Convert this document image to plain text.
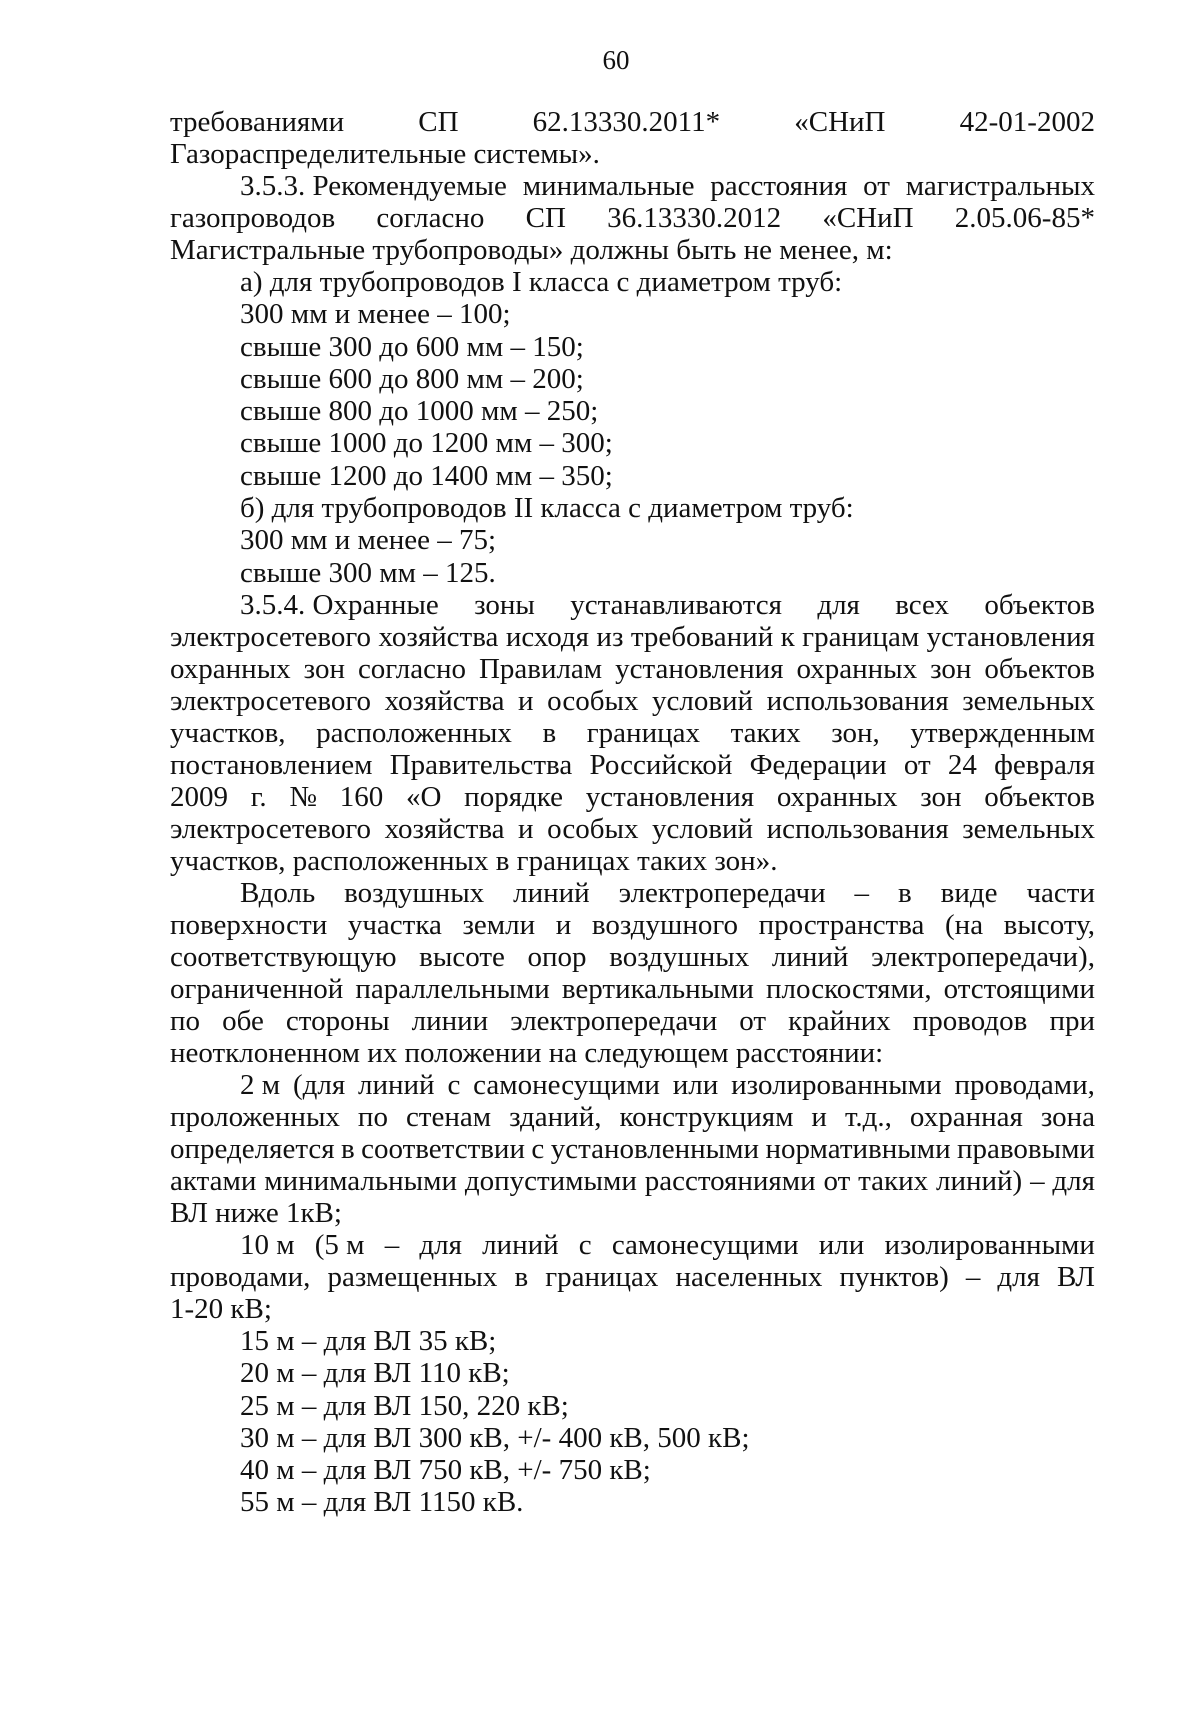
60
требованиями	СП	62.13330.2011*	«СНиП	42-01-2002
Газораспределительные системы».
3.5.3. Рекомендуемые минимальные расстояния от магистральных
газопроводов согласно СП 36.13330.2012 «СНиП 2.05.06-85*
Магистральные трубопроводы» должны быть не менее, м:
а) для трубопроводов I класса с диаметром труб:
300 мм и менее – 100;
свыше 300 до 600 мм – 150;
свыше 600 до 800 мм – 200;
свыше 800 до 1000 мм – 250;
свыше 1000 до 1200 мм – 300;
свыше 1200 до 1400 мм – 350;
б) для трубопроводов II класса с диаметром труб:
300 мм и менее – 75;
свыше 300 мм – 125.
3.5.4. Охранные зоны устанавливаются для всех объектов
электросетевого хозяйства исходя из требований к границам установления
охранных зон согласно Правилам установления охранных зон объектов
электросетевого хозяйства и особых условий использования земельных
участков, расположенных в границах таких зон, утвержденным
постановлением Правительства Российской Федерации от 24 февраля
2009 г. № 160 «О порядке установления охранных зон объектов
электросетевого хозяйства и особых условий использования земельных
участков, расположенных в границах таких зон».
Вдоль воздушных линий электропередачи – в виде части
поверхности участка земли и воздушного пространства (на высоту,
соответствующую высоте опор воздушных линий электропередачи),
ограниченной параллельными вертикальными плоскостями, отстоящими
по обе стороны линии электропередачи от крайних проводов при
неотклоненном их положении на следующем расстоянии:
2 м (для линий с самонесущими или изолированными проводами,
проложенных по стенам зданий, конструкциям и т.д., охранная зона
определяется в соответствии с установленными нормативными правовыми
актами минимальными допустимыми расстояниями от таких линий) – для
ВЛ ниже 1кВ;
10 м (5 м – для линий с самонесущими или изолированными
проводами, размещенных в границах населенных пунктов) – для ВЛ
1-20 кВ;
15 м – для ВЛ 35 кВ;
20 м – для ВЛ 110 кВ;
25 м – для ВЛ 150, 220 кВ;
30 м – для ВЛ 300 кВ, +/- 400 кВ, 500 кВ;
40 м – для ВЛ 750 кВ, +/- 750 кВ;
55 м – для ВЛ 1150 кВ.
